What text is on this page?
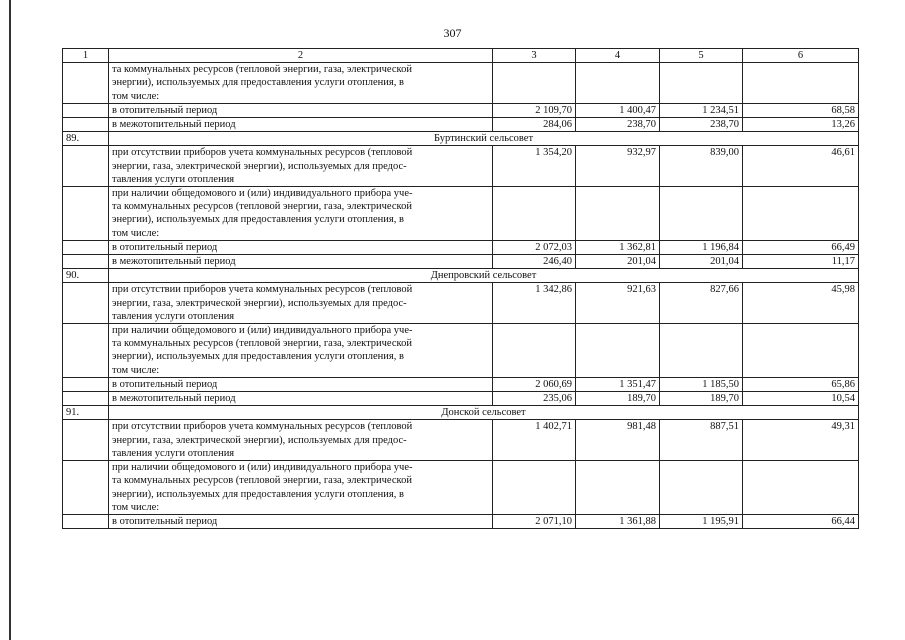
307
1	2	3	4	5	6

	та коммунальных ресурсов (тепловой энергии, газа, электрической
энергии), используемых для предоставления услуги отопления, в
том числе:				

	в отопительный период	2 109,70	1 400,47	1 234,51	68,58

	в межотопительный период	284,06	238,70	238,70	13,26
89.	Буртинский сельсовет				

	при отсутствии приборов учета коммунальных ресурсов (тепловой
энергии, газа, электрической энергии), используемых для предос-
тавления услуги отопления	1 354,20	932,97	839,00	46,61

	при наличии общедомового и (или) индивидуального прибора уче-
та коммунальных ресурсов (тепловой энергии, газа, электрической
энергии), используемых для предоставления услуги отопления, в
том числе:				

	в отопительный период	2 072,03	1 362,81	1 196,84	66,49

	в межотопительный период	246,40	201,04	201,04	11,17
90.	Днепровский сельсовет				

	при отсутствии приборов учета коммунальных ресурсов (тепловой
энергии, газа, электрической энергии), используемых для предос-
тавления услуги отопления	1 342,86	921,63	827,66	45,98

	при наличии общедомового и (или) индивидуального прибора уче-
та коммунальных ресурсов (тепловой энергии, газа, электрической
энергии), используемых для предоставления услуги отопления, в
том числе:				

	в отопительный период	2 060,69	1 351,47	1 185,50	65,86

	в межотопительный период	235,06	189,70	189,70	10,54
91.	Донской сельсовет				

	при отсутствии приборов учета коммунальных ресурсов (тепловой
энергии, газа, электрической энергии), используемых для предос-
тавления услуги отопления	1 402,71	981,48	887,51	49,31

	при наличии общедомового и (или) индивидуального прибора уче-
та коммунальных ресурсов (тепловой энергии, газа, электрической
энергии), используемых для предоставления услуги отопления, в
том числе:				

	в отопительный период	2 071,10	1 361,88	1 195,91	66,44
